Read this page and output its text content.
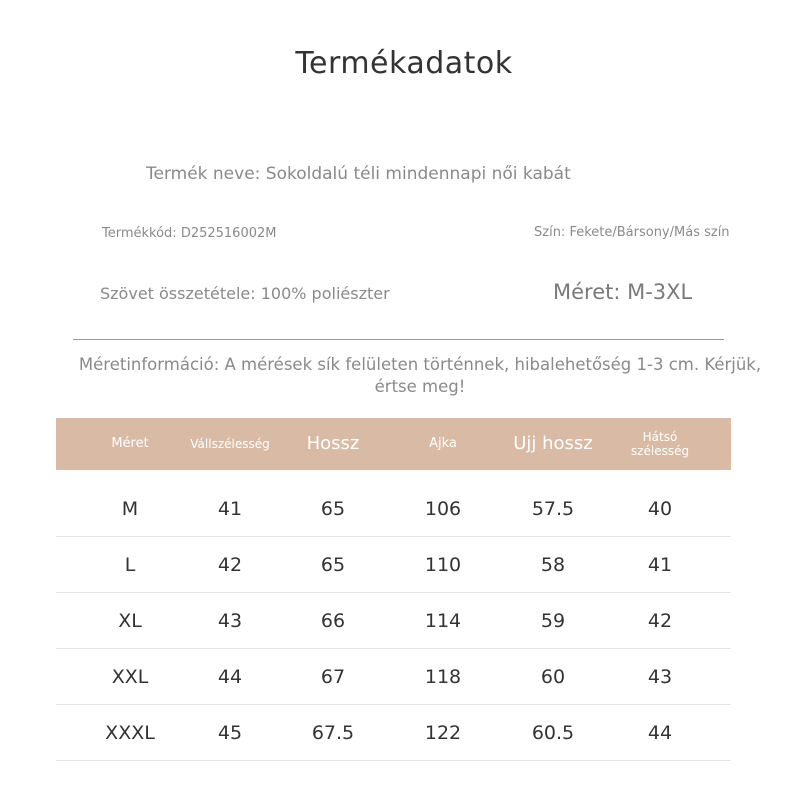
Termékadatok
Termék neve: Sokoldalú téli mindennapi női kabát
Termékkód: D252516002M	Szín: Fekete/Bársony/Más szín
Szövet összetétele: 100% poliészter	Méret: M-3XL
Méretinformáció: A mérések sík felületen történnek, hibalehetőség 1-3 cm. Kérjük, értse meg!
Méret	Vállszélesség	Hossz	Ajka	Ujj hossz	Hátsó szélesség
M	41	65	106	57.5	40
L	42	65	110	58	41
XL	43	66	114	59	42
XXL	44	67	118	60	43
XXXL	45	67.5	122	60.5	44
